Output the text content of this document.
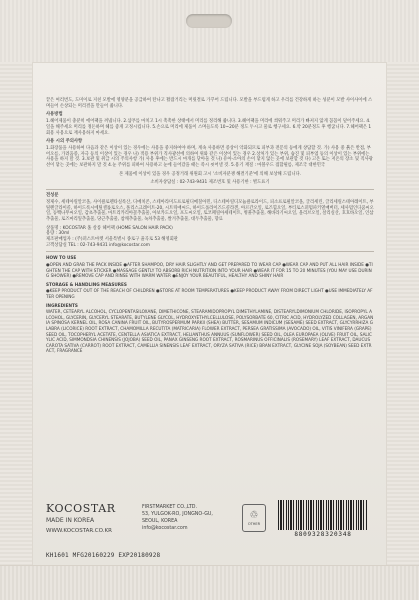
끝은 여러번도, 도미이로 지친 모발에 영양분을 공급하여 탄나고 활잡거리는 머릿결로 가꾸어 드립니다. 모발을 부드럽게 하고 우리를 건강하게 하는 성분이 모발 사이사이에 스며들어 손상되는 머리결을 만들어 줍니다.

사용방법

1.헤어제품이 충분히 에어팩을 꺼냅니다. 2.샴푸를 마치고 1시 촉촉한 상태에서 머리를 정리해 줍니다. 3.헤어팩을 머리에 씌워주고 머리가 빠져지 않게 꼼꼼이 덮어주세요. 4.일을 해주세요 머리를 정돈하며 헤를 좋게 고정시킵니다. 5.손으로 머리에 제품이 스며들도록 10~20분 정도 두시고 물로 헹구세요. 6.약 20분정도 후 헹굽니다. 7.헤어팩은 1회용 사용으로 재사용하지 마세요.

사용 시의 주의사항

1.화장품을 사용하여 다음과 같은 이상이 있는 경우에는 사용을 중지하여야 하며, 계속 사용하면 증상이 악화되므로 피부과 전문의 등에게 상담할 것. 가) 사용 중 붉은 반점, 부어오름, 가려움증, 자극 등의 이상이 있는 경우 나) 적용 부위가 직사광선에 의하여 위와 같은 이상이 있는 경우 2.상처가 있는 부위, 습진 및 피부염 등의 이상이 있는 부위에는 사용을 하지 말 것. 3.보관 및 취급 시의 주의사항 가) 사용 후에는 반드시 마개를 닫아둘 것 나) 유아·소아의 손이 닿지 않는 곳에 보관할 것 다) 고온 또는 저온의 장소 및 직사광선이 닿는 곳에는 보관하지 말 것 4.눈 주위를 피하여 사용하고 눈에 들어갔을 때는 즉시 씻어낼 것. 5.용기 재질 : 마블우드 접합필름, 제조국 대한민국

본 제품에 이상이 있을 경우 공정거래 위원회 고시 '소비자분쟁 해결기준'에 의해 보상해 드립니다.

소비자상담실 : 02-743-9431 제조번호 및 사용기한 : 별도표기

전성분

정제수, 세테아릴알코올, 사이클로펜타실록산, 디메치콘, 스테아라미도프로필디메칠아민, 디스테아릴디모늄클로라이드, 피소프로필알코올, 글리세린, 글리세릴스테아레이트, 부틸렌글라이콜, 하이드록시에틸셀룰로오스, 폴리스크레이트-20, 시트릭애씨드, 하이드롤라이즈드콜라겐, 아르간오일, 로즈힙오일, 부티로스퍼멈파키열매버터, 세사멈인디쿰씨오일, 동백나무씨오일, 감초추출물, 마트리카리아꽃추출물, 아보카도오일, 포도씨오일, 토코페릴아세테이트, 병풀추출물, 해바라기씨오일, 올리브오일, 살리실산, 호호바오일, 인삼추출물, 로즈마리잎추출물, 당근추출물, 참깨추출물, 녹차추출물, 쌀겨추출물, 대두추출물, 향료

상품명 : KOCOSTAR 홈 살롱 헤어팩 (HOME SALON HAIR PACK)

용량 : 30ml

제조판매업자 : (주)퍼스트마켓 서울특별시 종로구 율곡로 53 해영회관

고객상담실 TEL : 02-743-9431 info@kocostar.com

HOW TO USE

●OPEN AND GRAB THE PACK INSIDE ●AFTER SHAMPOO, DRY HAIR SLIGHTLY AND GET PREPARED TO WEAR CAP ●WEAR CAP AND PUT ALL HAIR INSIDE ●TIGHTEN THE CAP WITH STICKER ●MASSAGE GENTLY TO ABSORB RICH NUTRITION INTO YOUR HAIR ●WEAR IT FOR 15 TO 20 MINUTES (YOU MAY USE DURING SHOWER) ●REMOVE CAP AND RINSE WITH WARM WATER ●ENJOY YOUR BEAUTIFUL, HEALTHY AND SHINY HAIR

STORAGE & HANDLING MEASURES

●KEEP PRODUCT OUT OF THE REACH OF CHILDREN ●STORE AT ROOM TEMPERATURES ●KEEP PRODUCT AWAY FROM DIRECT LIGHT ●USE IMMEDIATELY AFTER OPENING

INGREDIENTS

WATER, CETEARYL ALCOHOL, CYCLOPENTASILOXANE, DIMETHICONE, STEARAMIDOPROPYL DIMETHYLAMINE, DISTEARYLDIMONIUM CHLORIDE, ISOPROPYL ALCOHOL, GLYCERIN, GLYCERYL STEARATE, BUTYLENE GLYCOL, HYDROXYETHYLCELLULOSE, POLYSORBATE 60, CITRIC ACID, HYDROLYZED COLLAGEN, ARGANIA SPINOSA KERNEL OIL, ROSA CANINA FRUIT OIL, BUTYROSPERMUM PARKII (SHEA) BUTTER, SESAMUM INDICUM (SESAME) SEED EXTRACT, GLYCYRRHIZA GLABRA (LICORICE) ROOT EXTRACT, CHAMOMILLA RECUTITA (MATRICARIA) FLOWER EXTRACT, PERSEA GRATISSIMA (AVOCADO) OIL, VITIS VINIFERA (GRAPE) SEED OIL, TOCOPHERYL ACETATE, CENTELLA ASIATICA EXTRACT, HELIANTHUS ANNUUS (SUNFLOWER) SEED OIL, OLEA EUROPAEA (OLIVE) FRUIT OIL, SALICYLIC ACID, SIMMONDSIA CHINENSIS (JOJOBA) SEED OIL, PANAX GINSENG ROOT EXTRACT, ROSMARINUS OFFICINALIS (ROSEMARY) LEAF EXTRACT, DAUCUS CAROTA SATIVA (CARROT) ROOT EXTRACT, CAMELLIA SINENSIS LEAF EXTRACT, ORYZA SATIVA (RICE) BRAN EXTRACT, GLYCINE SOJA (SOYBEAN) SEED EXTRACT, FRAGRANCE

KOCOSTAR
MADE IN KOREA
WWW.KOCOSTAR.CO.KR
FIRSTMARKET CO.,LTD.
53, YULGOK-RO, JONGNO-GU,
SEOUL, KOREA
info@kocostar.com
♲
OTHER
8809328320348
KH1601 MFG20160229 EXP20180928
